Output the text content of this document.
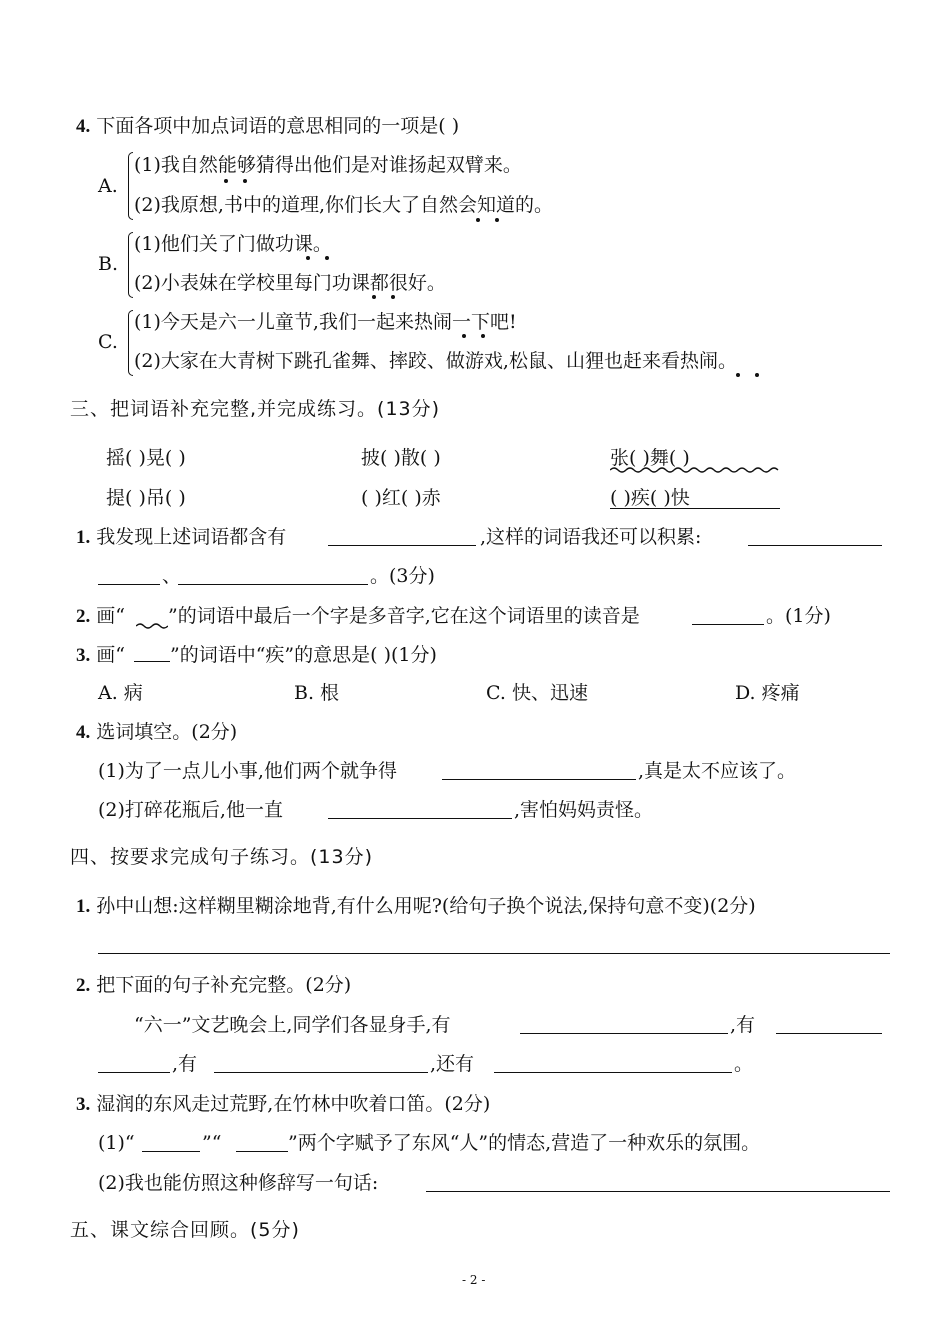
4. 下面各项中加点词语的意思相同的一项是( )
A.
(1)我自然能够猜得出他们是对谁扬起双臂来。
(2)我原想,书中的道理,你们长大了自然会知道的。
B.
(1)他们关了门做功课。
(2)小表妹在学校里每门功课都很好。
C.
(1)今天是六一儿童节,我们一起来热闹一下吧!
(2)大家在大青树下跳孔雀舞、摔跤、做游戏,松鼠、山狸也赶来看热闹。
三、把词语补充完整,并完成练习。(13分)
摇( )晃( )	披( )散( )	张( )舞( )
提( )吊( )	( )红( )赤	( )疾( )快
1. 我发现上述词语都含有	,这样的词语我还可以积累:
、	。(3分)
2. 画“ ”的词语中最后一个字是多音字,它在这个词语里的读音是	。(1分)
3. 画“ ”的词语中“疾”的意思是( )(1分)
A. 病	B. 根	C. 快、迅速	D. 疼痛
4. 选词填空。(2分)
(1)为了一点儿小事,他们两个就争得	,真是太不应该了。
(2)打碎花瓶后,他一直	,害怕妈妈责怪。
四、按要求完成句子练习。(13分)
1. 孙中山想:这样糊里糊涂地背,有什么用呢?(给句子换个说法,保持句意不变)(2分)
2. 把下面的句子补充完整。(2分)
“六一”文艺晚会上,同学们各显身手,有	,有
,有	,还有	。
3. 湿润的东风走过荒野,在竹林中吹着口笛。(2分)
(1)“	”“	”两个字赋予了东风“人”的情态,营造了一种欢乐的氛围。
(2)我也能仿照这种修辞写一句话:
五、课文综合回顾。(5分)
- 2 -
